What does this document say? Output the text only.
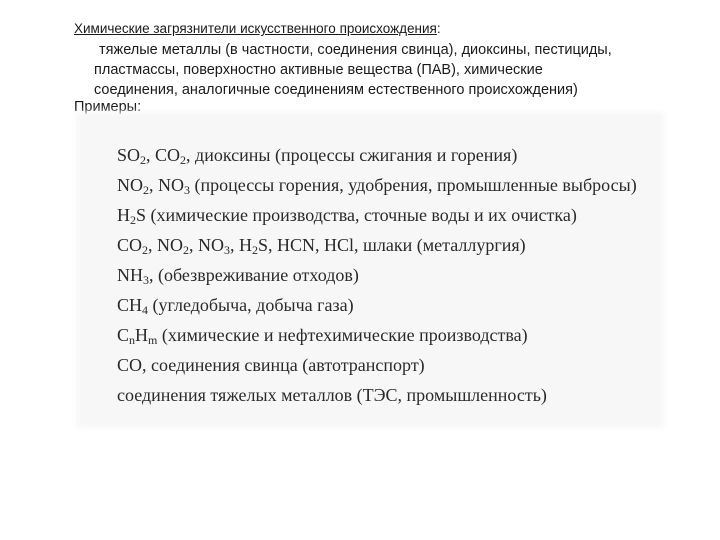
Химические загрязнители искусственного происхождения:
тяжелые металлы (в частности, соединения свинца), диоксины, пестициды,
пластмассы, поверхностно активные вещества (ПАВ), химические
соединения, аналогичные соединениям естественного происхождения)
Примеры:
$SO_2$, $CO_2$, диоксины (процессы сжигания и горения)
$NO_2$, $NO_3$ (процессы горения, удобрения, промышленные выбросы)
$H_2S$ (химические производства, сточные воды и их очистка)
$CO_2$, $NO_2$, $NO_3$, $H_2S$, HCN, HCl, шлаки (металлургия)
$NH_3$, (обезвреживание отходов)
$CH_4$ (угледобыча, добыча газа)
$C_nH_m$ (химические и нефтехимические производства)
CO, соединения свинца (автотранспорт)
соединения тяжелых металлов (ТЭС, промышленность)
